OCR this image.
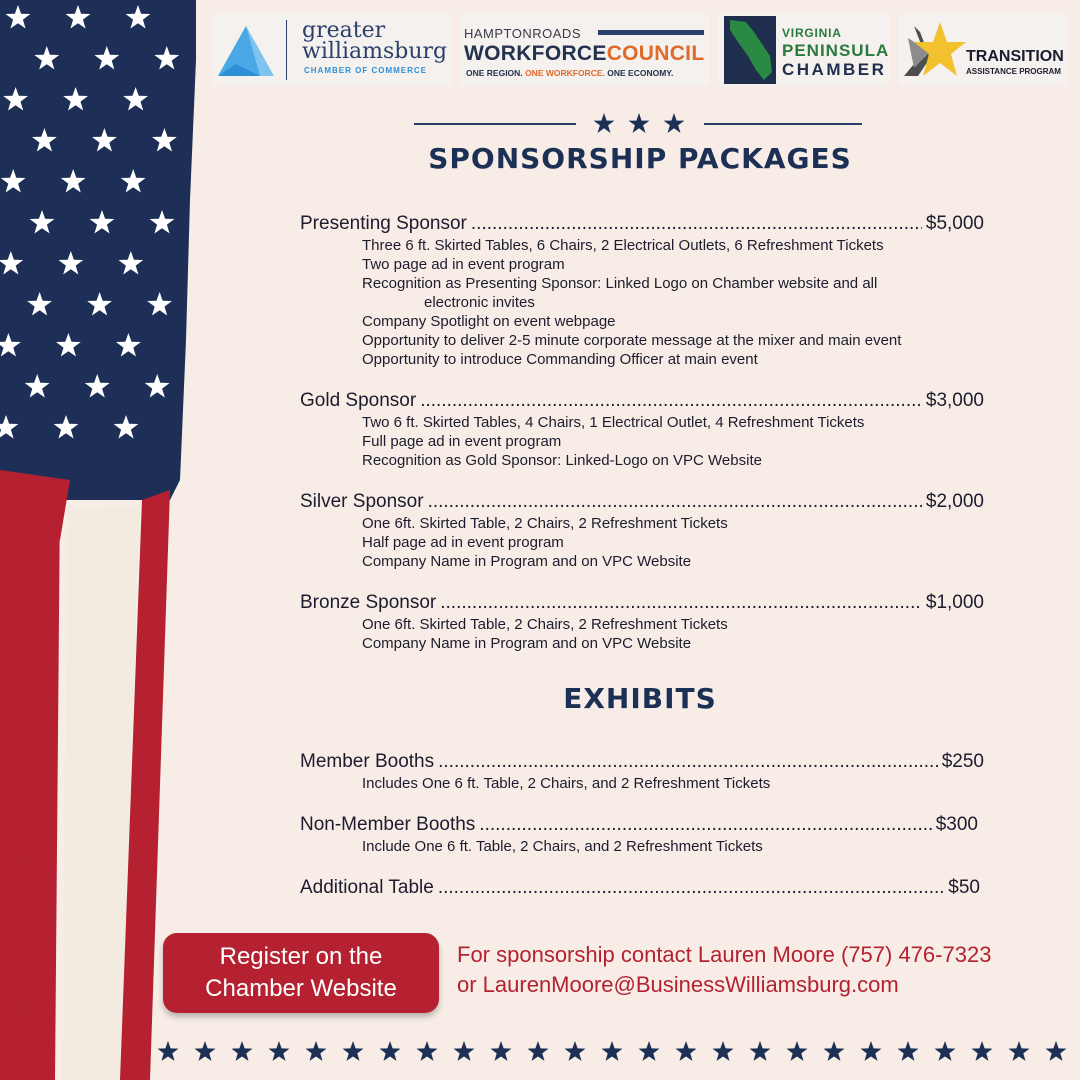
greater
williamsburg
CHAMBER OF COMMERCE
HAMPTONROADS
WORKFORCECOUNCIL
ONE REGION. ONE WORKFORCE. ONE ECONOMY.
VIRGINIA
PENINSULA
CHAMBER
TRANSITION
ASSISTANCE PROGRAM
SPONSORSHIP PACKAGES
Presenting Sponsor .....	$5,000
Three 6 ft. Skirted Tables, 6 Chairs, 2 Electrical Outlets, 6 Refreshment Tickets
Two page ad in event program
Recognition as Presenting Sponsor: Linked Logo on Chamber website and all
electronic invites
Company Spotlight on event webpage
Opportunity to deliver 2-5 minute corporate message at the mixer and main event
Opportunity to introduce Commanding Officer at main event
Gold Sponsor .....	$3,000
Two 6 ft. Skirted Tables, 4 Chairs, 1 Electrical Outlet, 4 Refreshment Tickets
Full page ad in event program
Recognition as Gold Sponsor: Linked-Logo on VPC Website
Silver Sponsor .....	$2,000
One 6ft. Skirted Table, 2 Chairs, 2 Refreshment Tickets
Half page ad in event program
Company Name in Program and on VPC Website
Bronze Sponsor .....	$1,000
One 6ft. Skirted Table, 2 Chairs, 2 Refreshment Tickets
Company Name in Program and on VPC Website
EXHIBITS
Member Booths .....	$250
Includes One 6 ft. Table, 2 Chairs, and 2 Refreshment Tickets
Non-Member Booths .....	$300
Include One 6 ft. Table, 2 Chairs, and 2 Refreshment Tickets
Additional Table .....	$50
Register on the
Chamber Website
For sponsorship contact Lauren Moore (757) 476-7323
or LaurenMoore@BusinessWilliamsburg.com
